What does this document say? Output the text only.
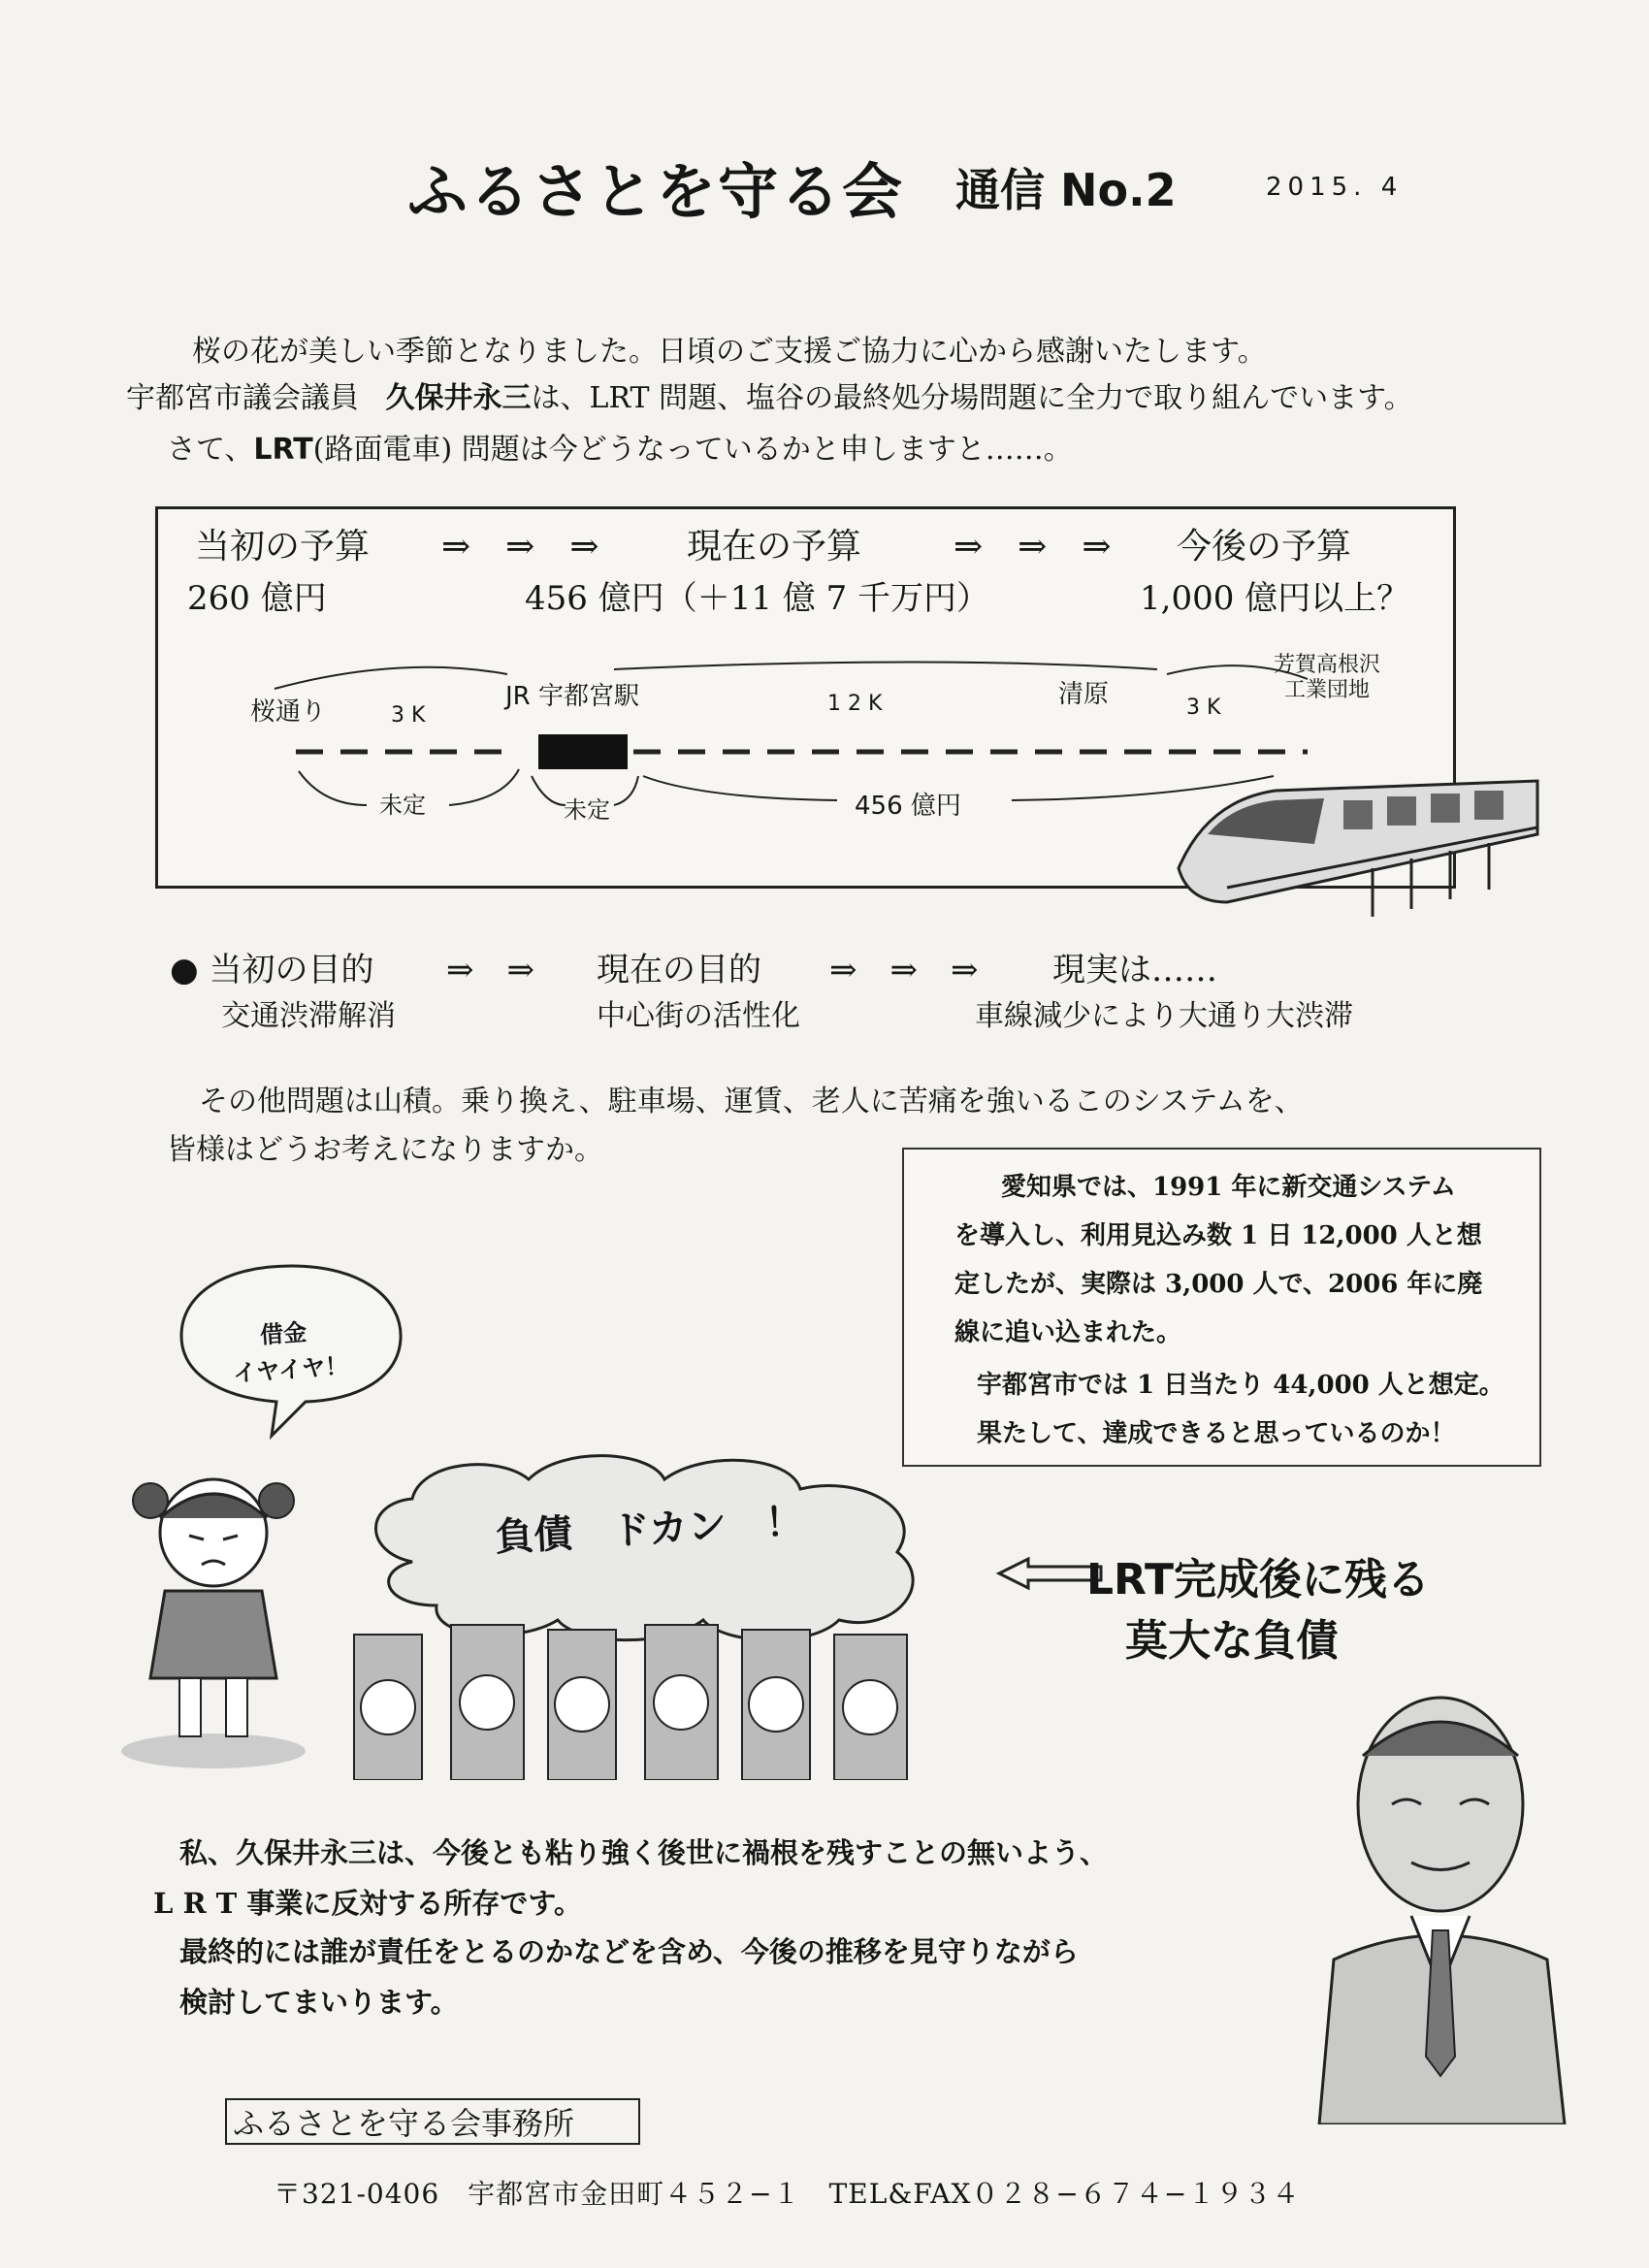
ふるさとを守る会 通信 No.2	2015. 4
桜の花が美しい季節となりました。日頃のご支援ご協力に心から感謝いたします。
宇都宮市議会議員 久保井永三は、LRT 問題、塩谷の最終処分場問題に全力で取り組んでいます。
さて、LRT(路面電車) 問題は今どうなっているかと申しますと……。
当初の予算 ⇒　⇒　⇒	現在の予算	⇒　⇒　⇒ 今後の予算
260 億円	456 億円（＋11 億 7 千万円）	1,000 億円以上？
桜通り
JR 宇都宮駅	清原
芳賀高根沢
工業団地
3 K	1 2 K	3 K
未定	未定	456 億円
● 当初の目的 ⇒　⇒ 現在の目的 ⇒　⇒　⇒ 現実は……
交通渋滞解消	中心街の活性化	車線減少により大通り大渋滞
その他問題は山積。乗り換え、駐車場、運賃、老人に苦痛を強いるこのシステムを、
皆様はどうお考えになりますか。
愛知県では、1991 年に新交通システム
を導入し、利用見込み数 1 日 12,000 人と想
定したが、実際は 3,000 人で、2006 年に廃
線に追い込まれた。
宇都宮市では 1 日当たり 44,000 人と想定。
果たして、達成できると思っているのか！
借金
イヤイヤ！
負債　ドカン　！
LRT完成後に残る
莫大な負債
私、久保井永三は、今後とも粘り強く後世に禍根を残すことの無いよう、
L R T 事業に反対する所存です。
最終的には誰が責任をとるのかなどを含め、今後の推移を見守りながら
検討してまいります。
ふるさとを守る会事務所
〒321-0406　宇都宮市金田町４５２−１　TEL&FAX０２８−６７４−１９３４
